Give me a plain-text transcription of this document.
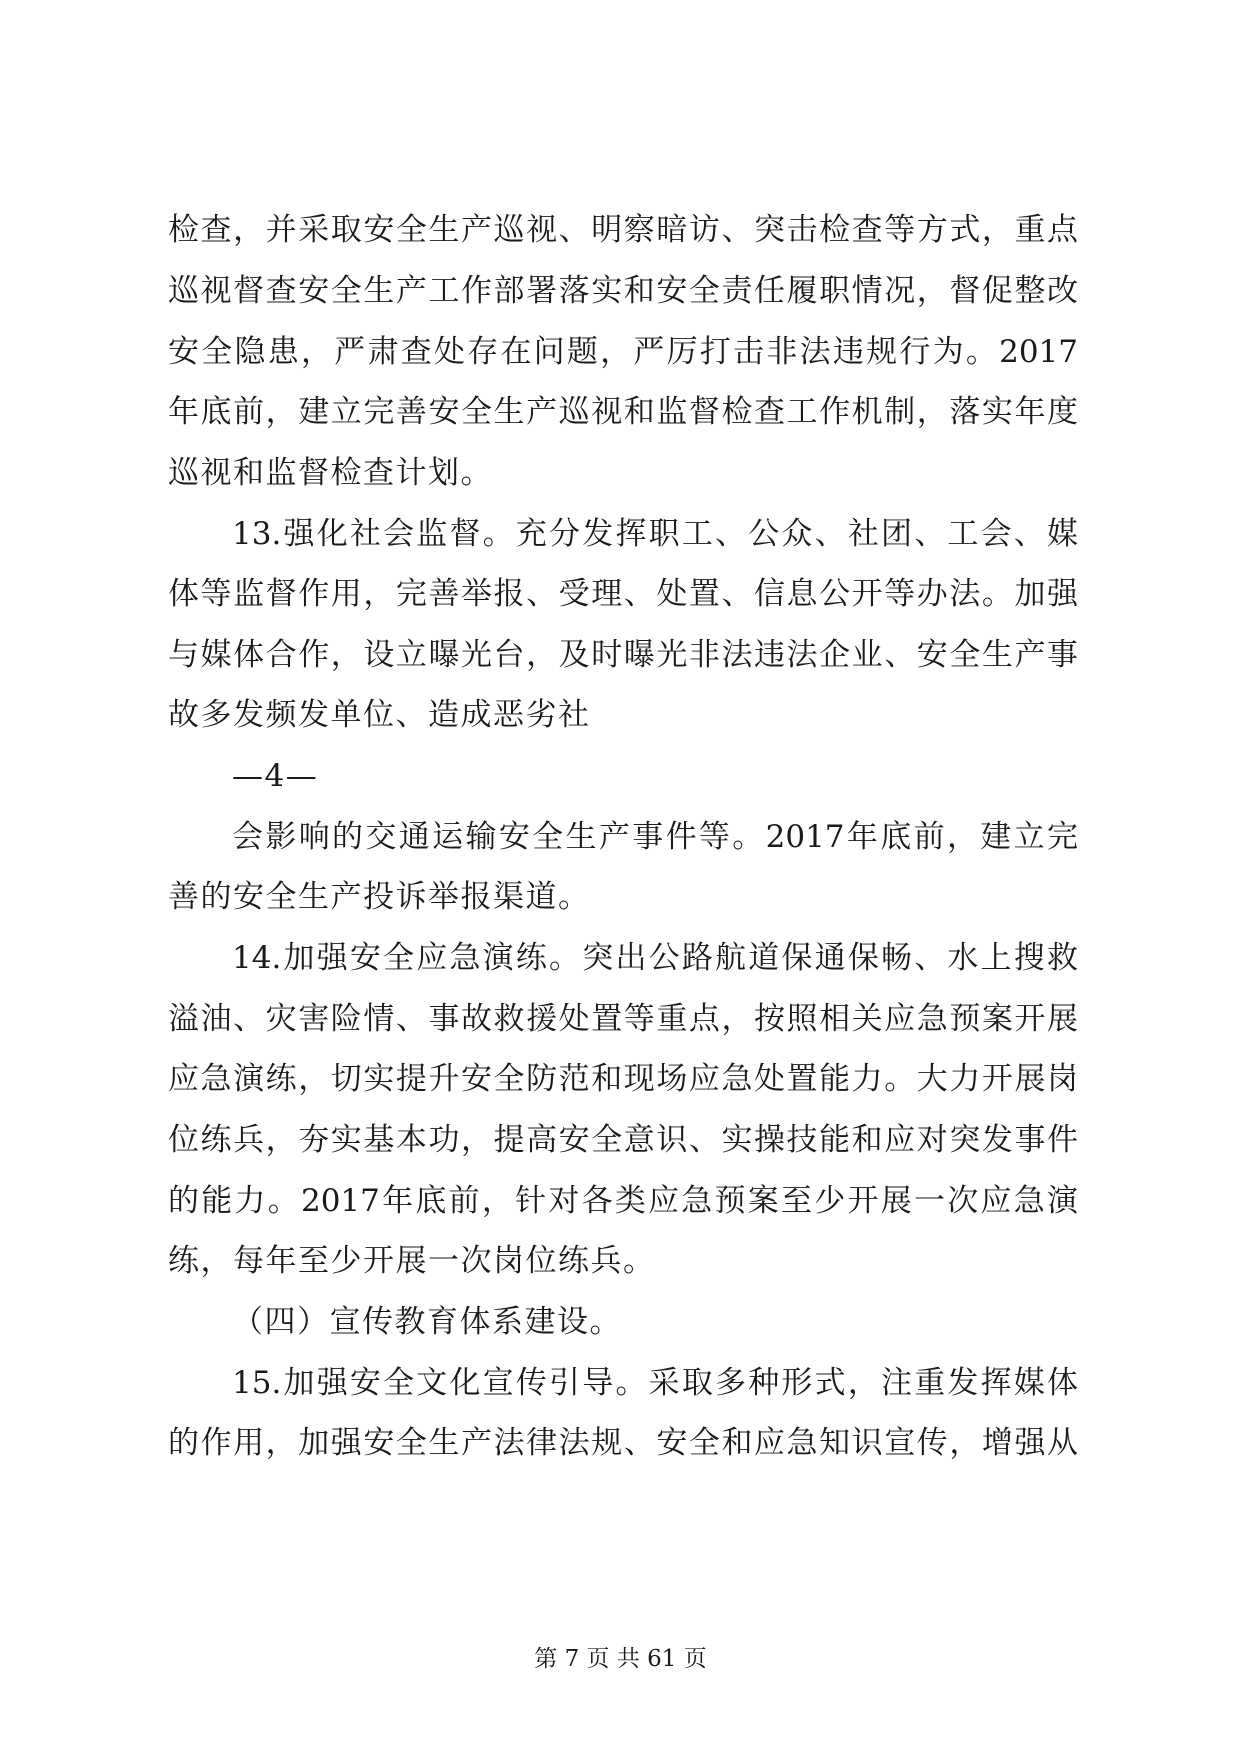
检查，并采取安全生产巡视、明察暗访、突击检查等方式，重点
巡视督查安全生产工作部署落实和安全责任履职情况，督促整改
安全隐患，严肃查处存在问题，严厉打击非法违规行为。2017
年底前，建立完善安全生产巡视和监督检查工作机制，落实年度
巡视和监督检查计划。
13.强化社会监督。充分发挥职工、公众、社团、工会、媒
体等监督作用，完善举报、受理、处置、信息公开等办法。加强
与媒体合作，设立曝光台，及时曝光非法违法企业、安全生产事
故多发频发单位、造成恶劣社
—4—
会影响的交通运输安全生产事件等。2017年底前，建立完
善的安全生产投诉举报渠道。
14.加强安全应急演练。突出公路航道保通保畅、水上搜救
溢油、灾害险情、事故救援处置等重点，按照相关应急预案开展
应急演练，切实提升安全防范和现场应急处置能力。大力开展岗
位练兵，夯实基本功，提高安全意识、实操技能和应对突发事件
的能力。2017年底前，针对各类应急预案至少开展一次应急演
练，每年至少开展一次岗位练兵。
（四）宣传教育体系建设。
15.加强安全文化宣传引导。采取多种形式，注重发挥媒体
的作用，加强安全生产法律法规、安全和应急知识宣传，增强从
第 7 页 共 61 页
